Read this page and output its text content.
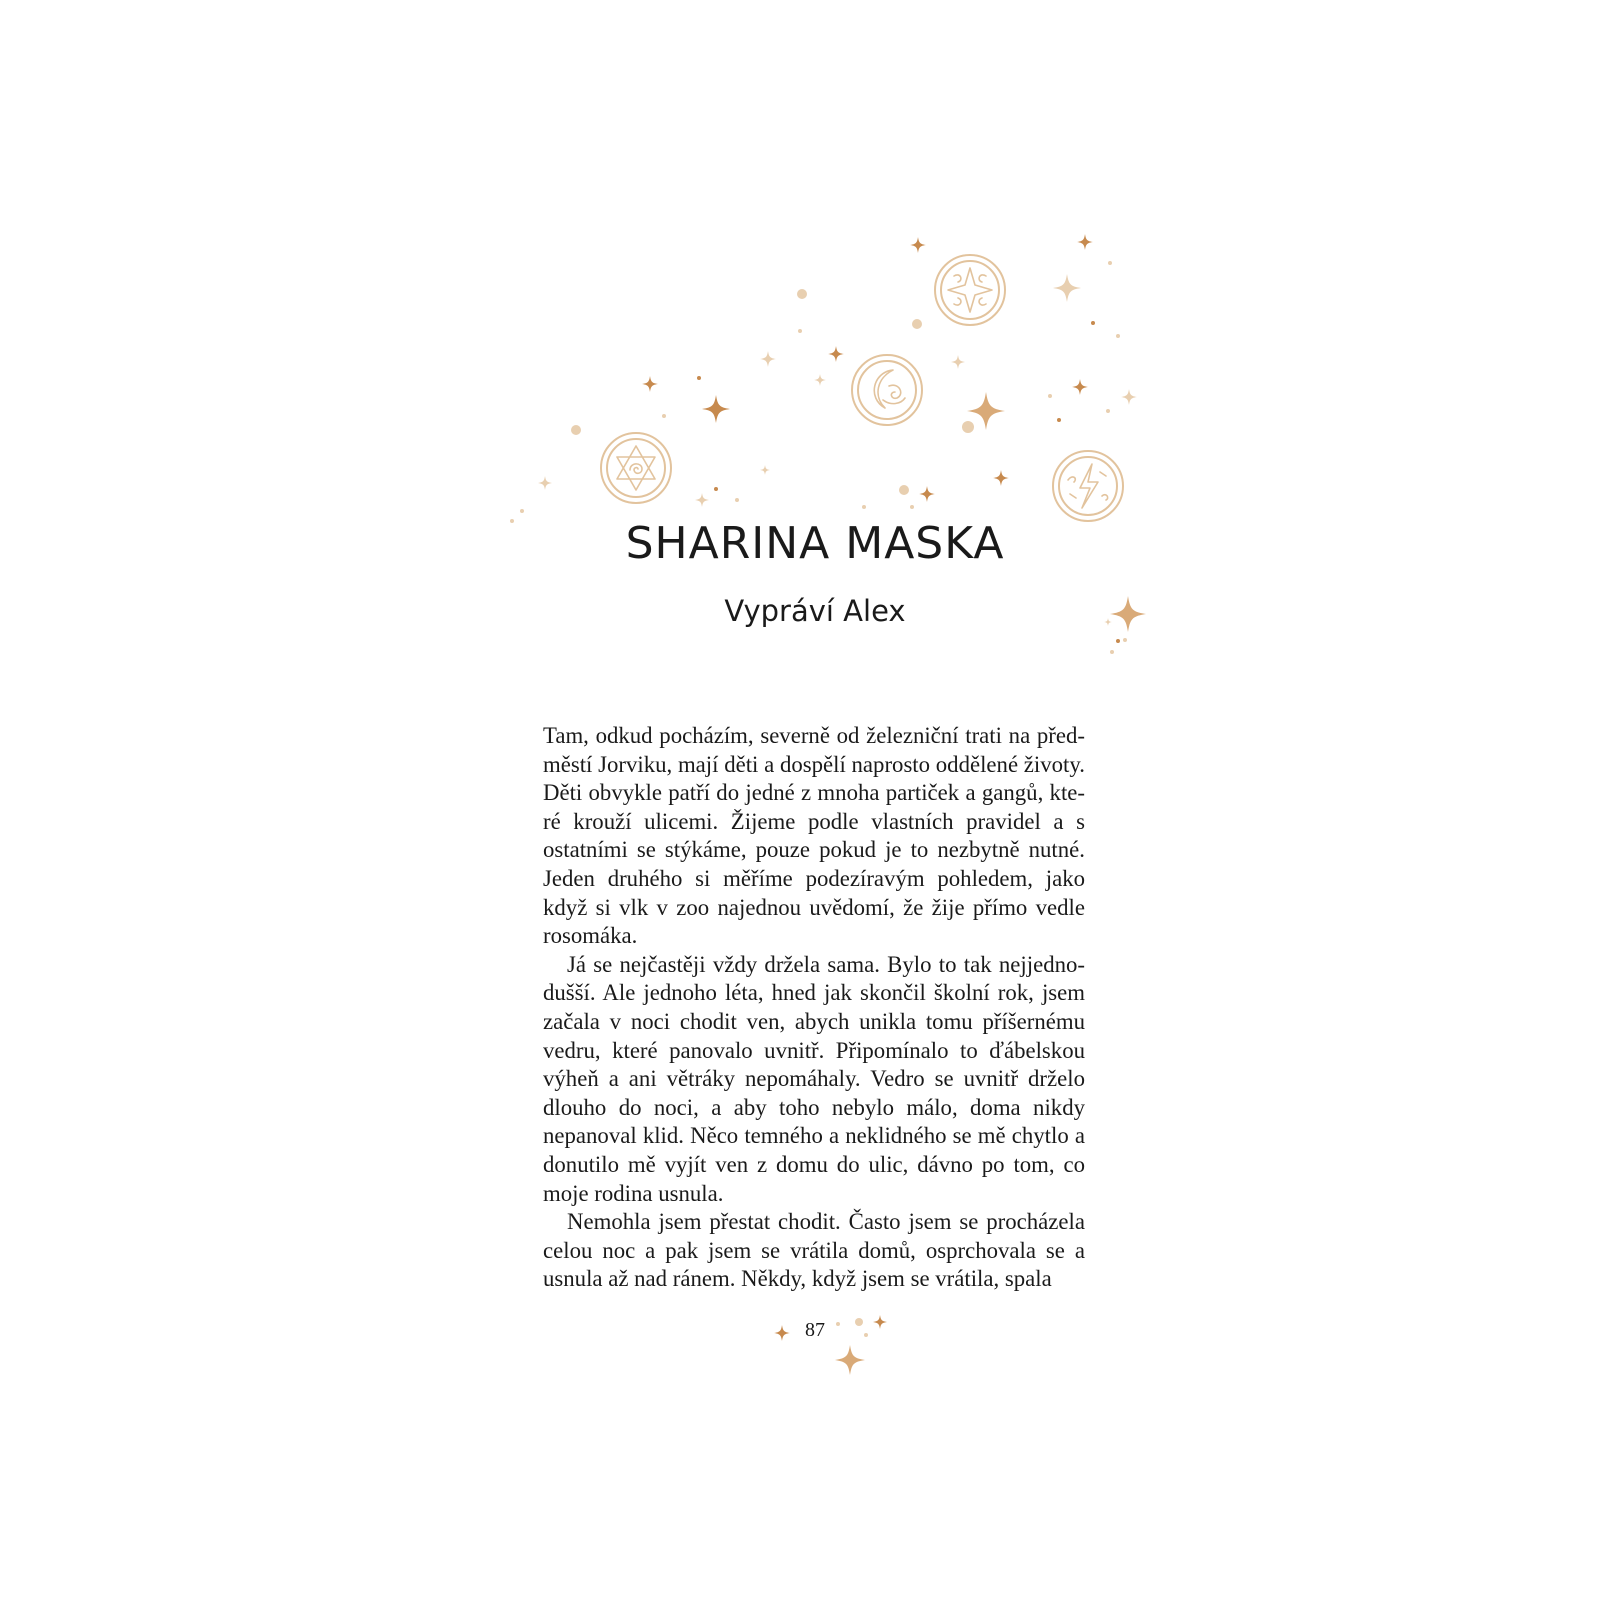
SHARINA MASKA
Vypráví Alex

Tam, odkud pocházím, severně od železniční trati na předměstí Jorviku, mají děti a dospělí naprosto oddělené životy. Děti obvykle patří do jedné z mnoha partiček a gangů, které krouží ulicemi. Žijeme podle vlastních pravidel a s ostatními se stýkáme, pouze pokud je to nezbytně nutné. Jeden druhého si měříme podezíravým pohledem, jako když si vlk v zoo najednou uvědomí, že žije přímo vedle rosomáka.

Já se nejčastěji vždy držela sama. Bylo to tak nejjednodušší. Ale jednoho léta, hned jak skončil školní rok, jsem začala v noci chodit ven, abych unikla tomu příšernému vedru, které panovalo uvnitř. Připomínalo to ďábelskou výheň a ani větráky nepomáhaly. Vedro se uvnitř drželo dlouho do noci, a aby toho nebylo málo, doma nikdy nepanoval klid. Něco temného a neklidného se mě chytlo a donutilo mě vyjít ven z domu do ulic, dávno po tom, co moje rodina usnula.

Nemohla jsem přestat chodit. Často jsem se procházela celou noc a pak jsem se vrátila domů, osprchovala se a usnula až nad ránem. Někdy, když jsem se vrátila, spala

87
